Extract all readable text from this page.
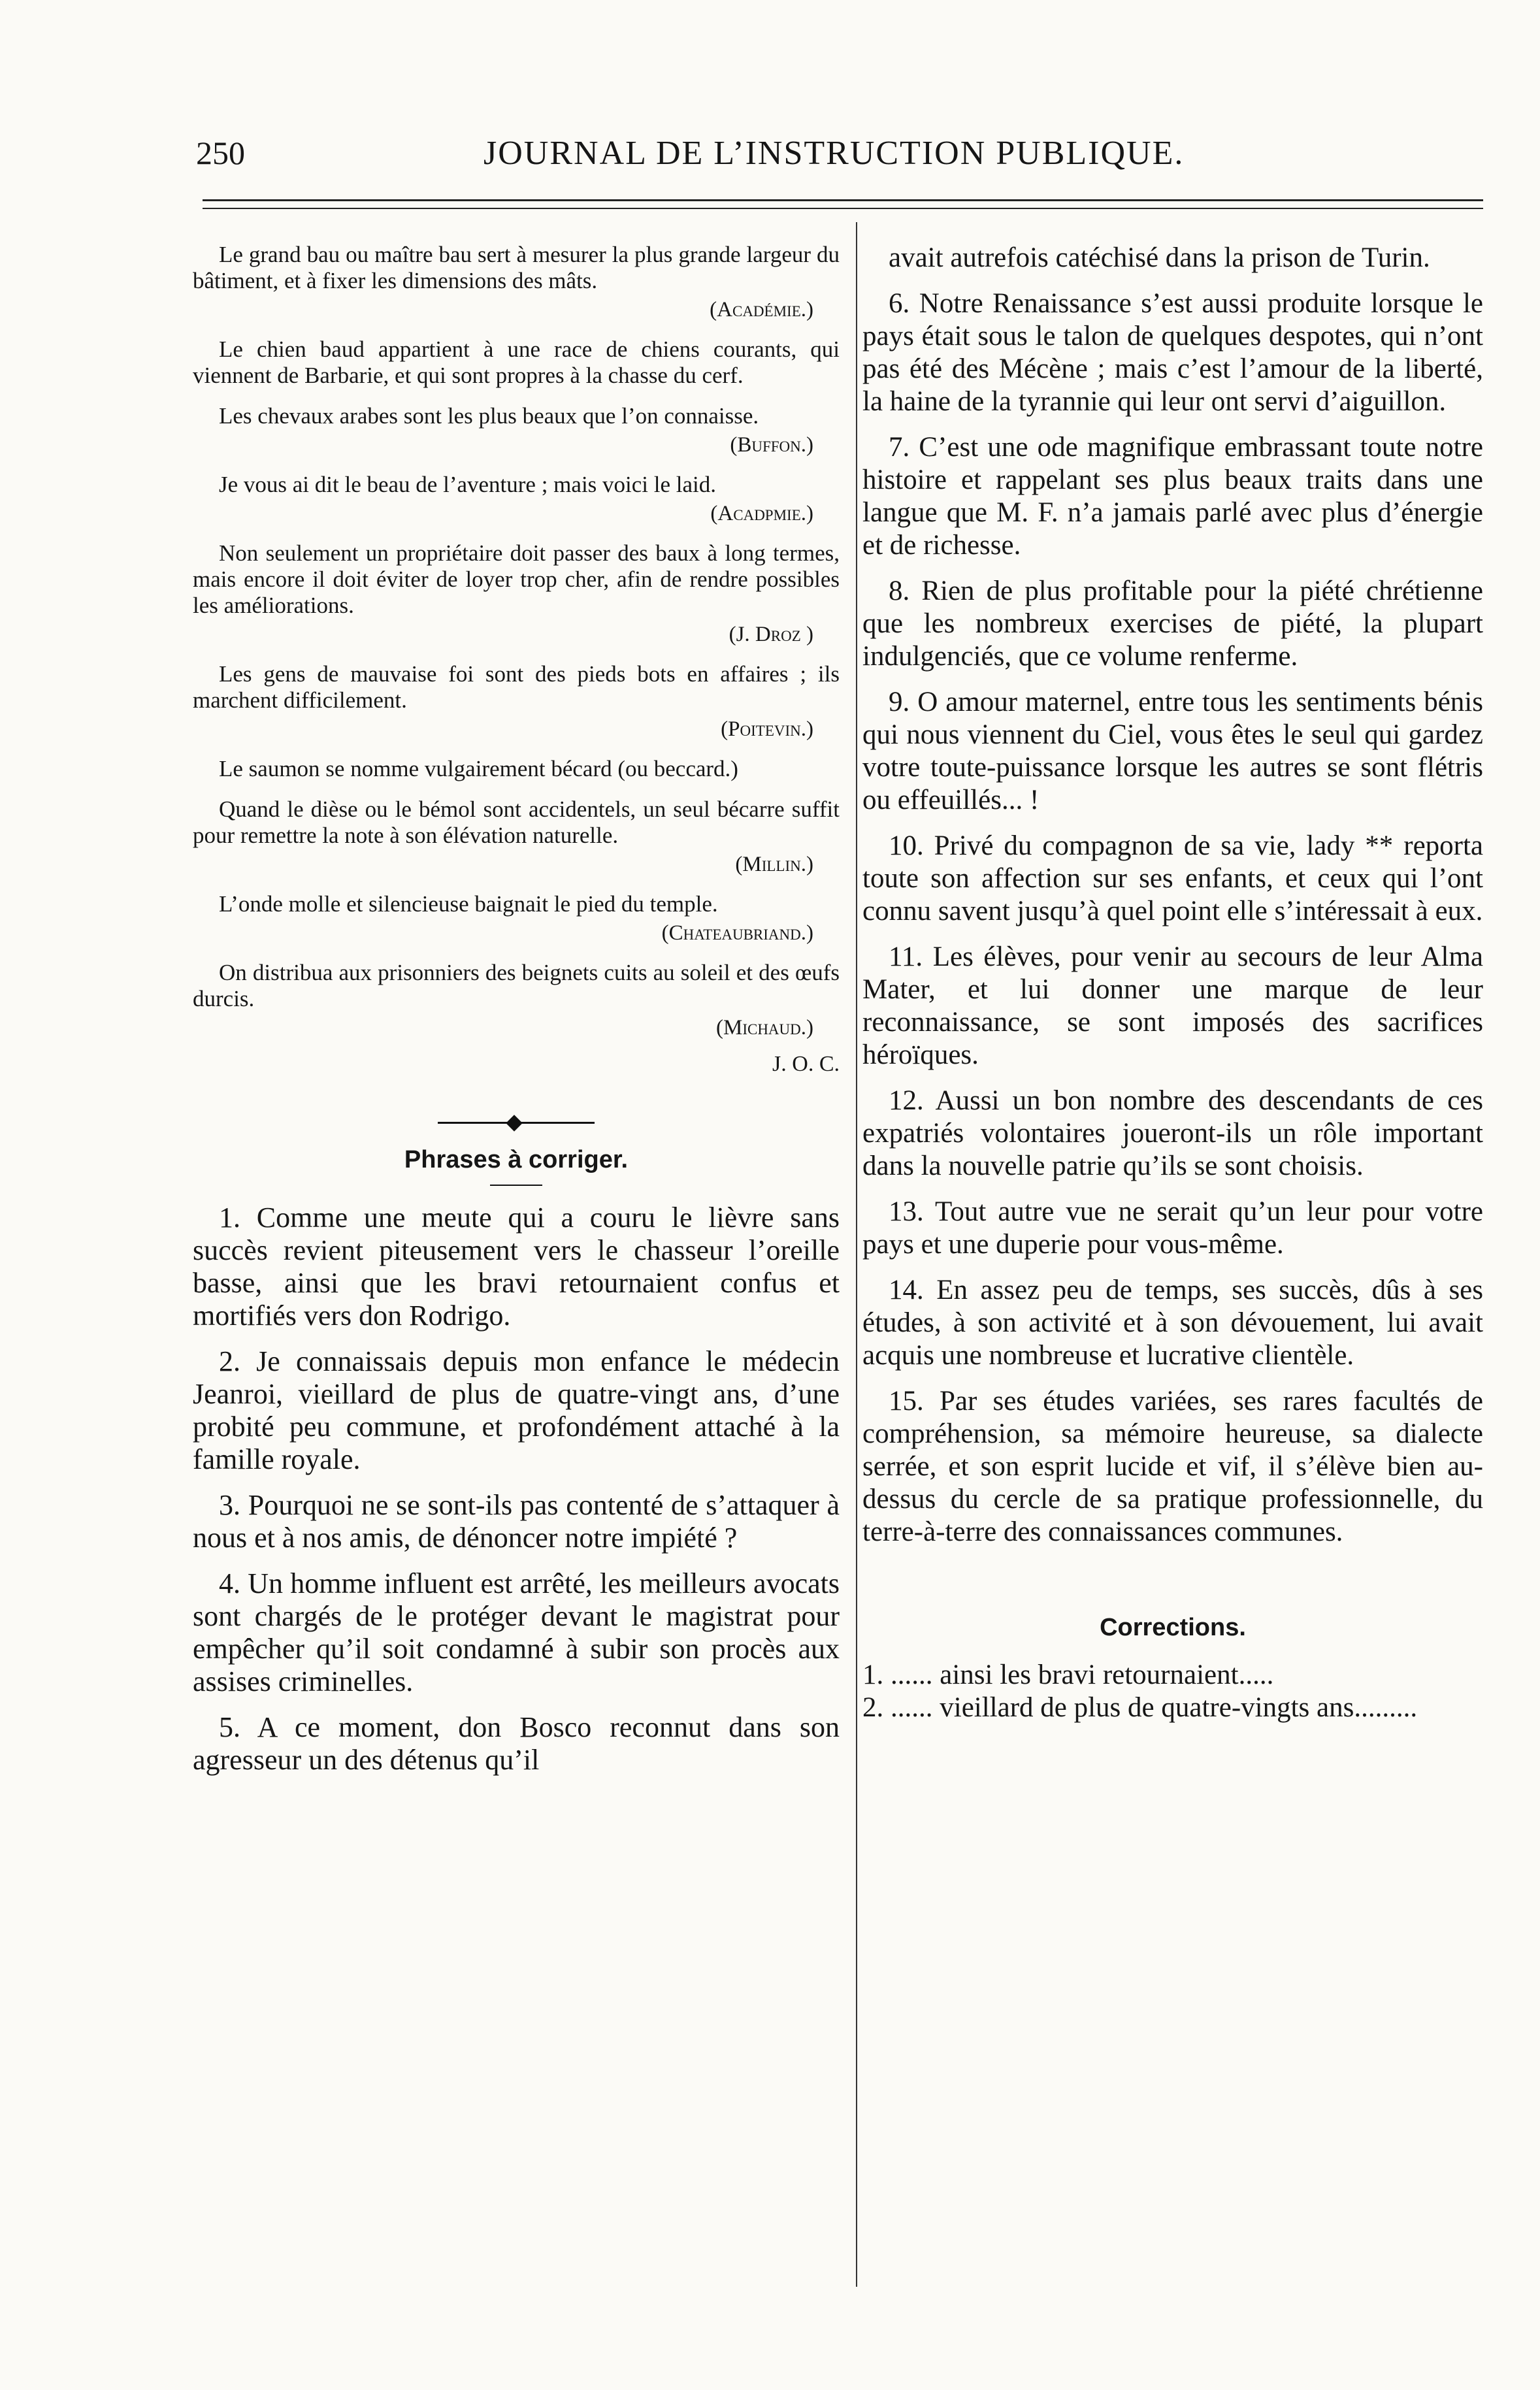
250	JOURNAL DE L’INSTRUCTION PUBLIQUE.

Le grand bau ou maître bau sert à mesurer la plus grande largeur du bâtiment, et à fixer les dimensions des mâts.

(Académie.)

Le chien baud appartient à une race de chiens courants, qui viennent de Barbarie, et qui sont propres à la chasse du cerf.

Les chevaux arabes sont les plus beaux que l’on connaisse.

(Buffon.)

Je vous ai dit le beau de l’aventure ; mais voici le laid.

(Acadpmie.)

Non seulement un propriétaire doit passer des baux à long termes, mais encore il doit éviter de loyer trop cher, afin de rendre possibles les améliorations.

(J. Droz )

Les gens de mauvaise foi sont des pieds bots en affaires ; ils marchent difficilement.

(Poitevin.)

Le saumon se nomme vulgairement bécard (ou beccard.)

Quand le dièse ou le bémol sont accidentels, un seul bécarre suffit pour remettre la note à son élévation naturelle.

(Millin.)

L’onde molle et silencieuse baignait le pied du temple.

(Chateaubriand.)

On distribua aux prisonniers des beignets cuits au soleil et des œufs durcis.

(Michaud.)
J. O. C.
Phrases à corriger.

1. Comme une meute qui a couru le lièvre sans succès revient piteusement vers le chasseur l’oreille basse, ainsi que les bravi retournaient confus et mortifiés vers don Rodrigo.

2. Je connaissais depuis mon enfance le médecin Jeanroi, vieillard de plus de quatre-vingt ans, d’une probité peu commune, et profondément attaché à la famille royale.

3. Pourquoi ne se sont-ils pas contenté de s’attaquer à nous et à nos amis, de dénoncer notre impiété ?

4. Un homme influent est arrêté, les meilleurs avocats sont chargés de le protéger devant le magistrat pour empêcher qu’il soit condamné à subir son procès aux assises criminelles.

5. A ce moment, don Bosco reconnut dans son agresseur un des détenus qu’il

avait autrefois catéchisé dans la prison de Turin.

6. Notre Renaissance s’est aussi produite lorsque le pays était sous le talon de quelques despotes, qui n’ont pas été des Mécène ; mais c’est l’amour de la liberté, la haine de la tyrannie qui leur ont servi d’aiguillon.

7. C’est une ode magnifique embrassant toute notre histoire et rappelant ses plus beaux traits dans une langue que M. F. n’a jamais parlé avec plus d’énergie et de richesse.

8. Rien de plus profitable pour la piété chrétienne que les nombreux exercises de piété, la plupart indulgenciés, que ce volume renferme.

9. O amour maternel, entre tous les sentiments bénis qui nous viennent du Ciel, vous êtes le seul qui gardez votre toute-puissance lorsque les autres se sont flétris ou effeuillés... !

10. Privé du compagnon de sa vie, lady ** reporta toute son affection sur ses enfants, et ceux qui l’ont connu savent jusqu’à quel point elle s’intéressait à eux.

11. Les élèves, pour venir au secours de leur Alma Mater, et lui donner une marque de leur reconnaissance, se sont imposés des sacrifices héroïques.

12. Aussi un bon nombre des descendants de ces expatriés volontaires joueront-ils un rôle important dans la nouvelle patrie qu’ils se sont choisis.

13. Tout autre vue ne serait qu’un leur pour votre pays et une duperie pour vous-même.

14. En assez peu de temps, ses succès, dûs à ses études, à son activité et à son dévouement, lui avait acquis une nombreuse et lucrative clientèle.

15. Par ses études variées, ses rares facultés de compréhension, sa mémoire heureuse, sa dialecte serrée, et son esprit lucide et vif, il s’élève bien au-dessus du cercle de sa pratique professionnelle, du terre-à-terre des connaissances communes.

Corrections.

1. ...... ainsi les bravi retournaient.....

2. ...... vieillard de plus de quatre-vingts ans.........
